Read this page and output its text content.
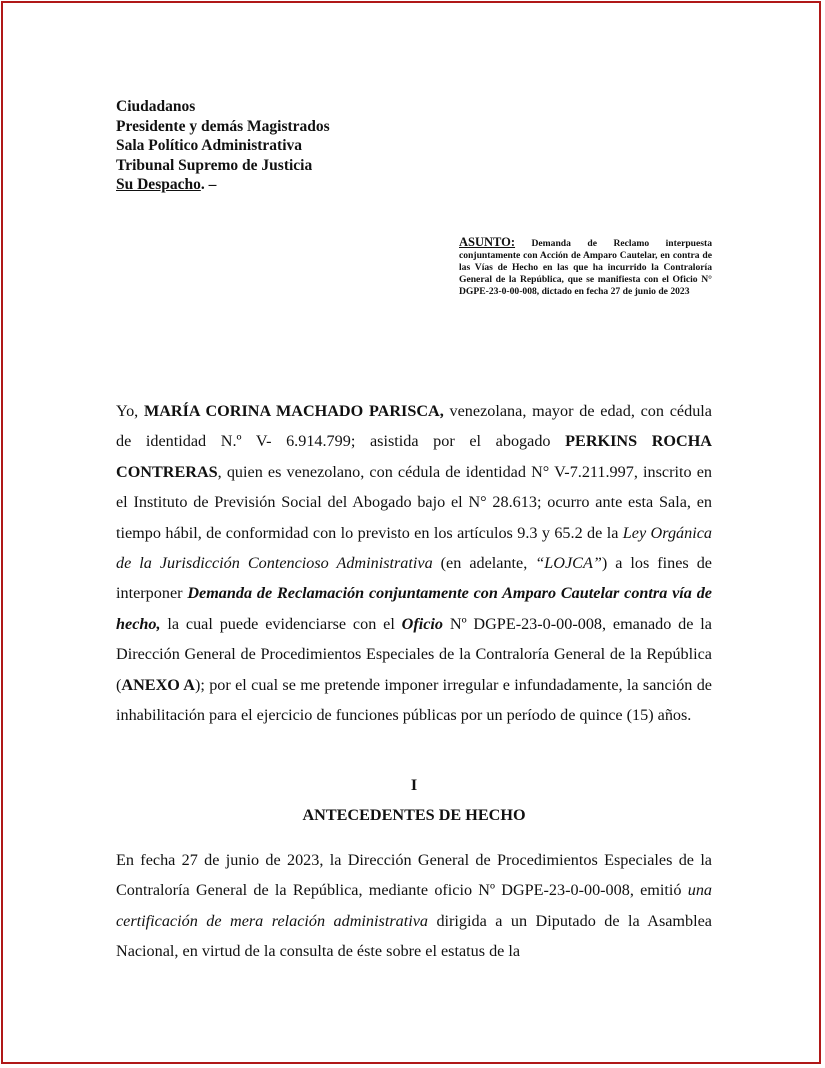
Ciudadanos
Presidente y demás Magistrados
Sala Político Administrativa
Tribunal Supremo de Justicia
Su Despacho. –
ASUNTO: Demanda de Reclamo interpuesta conjuntamente con Acción de Amparo Cautelar, en contra de las Vías de Hecho en las que ha incurrido la Contraloría General de la República, que se manifiesta con el Oficio N° DGPE-23-0-00-008, dictado en fecha 27 de junio de 2023
Yo, MARÍA CORINA MACHADO PARISCA, venezolana, mayor de edad, con cédula de identidad N.º V- 6.914.799; asistida por el abogado PERKINS ROCHA CONTRERAS, quien es venezolano, con cédula de identidad N° V-7.211.997, inscrito en el Instituto de Previsión Social del Abogado bajo el N° 28.613; ocurro ante esta Sala, en tiempo hábil, de conformidad con lo previsto en los artículos 9.3 y 65.2 de la Ley Orgánica de la Jurisdicción Contencioso Administrativa (en adelante, “LOJCA”) a los fines de interponer Demanda de Reclamación conjuntamente con Amparo Cautelar contra vía de hecho, la cual puede evidenciarse con el Oficio Nº DGPE-23-0-00-008, emanado de la Dirección General de Procedimientos Especiales de la Contraloría General de la República (ANEXO A); por el cual se me pretende imponer irregular e infundadamente, la sanción de inhabilitación para el ejercicio de funciones públicas por un período de quince (15) años.
I
ANTECEDENTES DE HECHO
En fecha 27 de junio de 2023, la Dirección General de Procedimientos Especiales de la Contraloría General de la República, mediante oficio Nº DGPE-23-0-00-008, emitió una certificación de mera relación administrativa dirigida a un Diputado de la Asamblea Nacional, en virtud de la consulta de éste sobre el estatus de la
